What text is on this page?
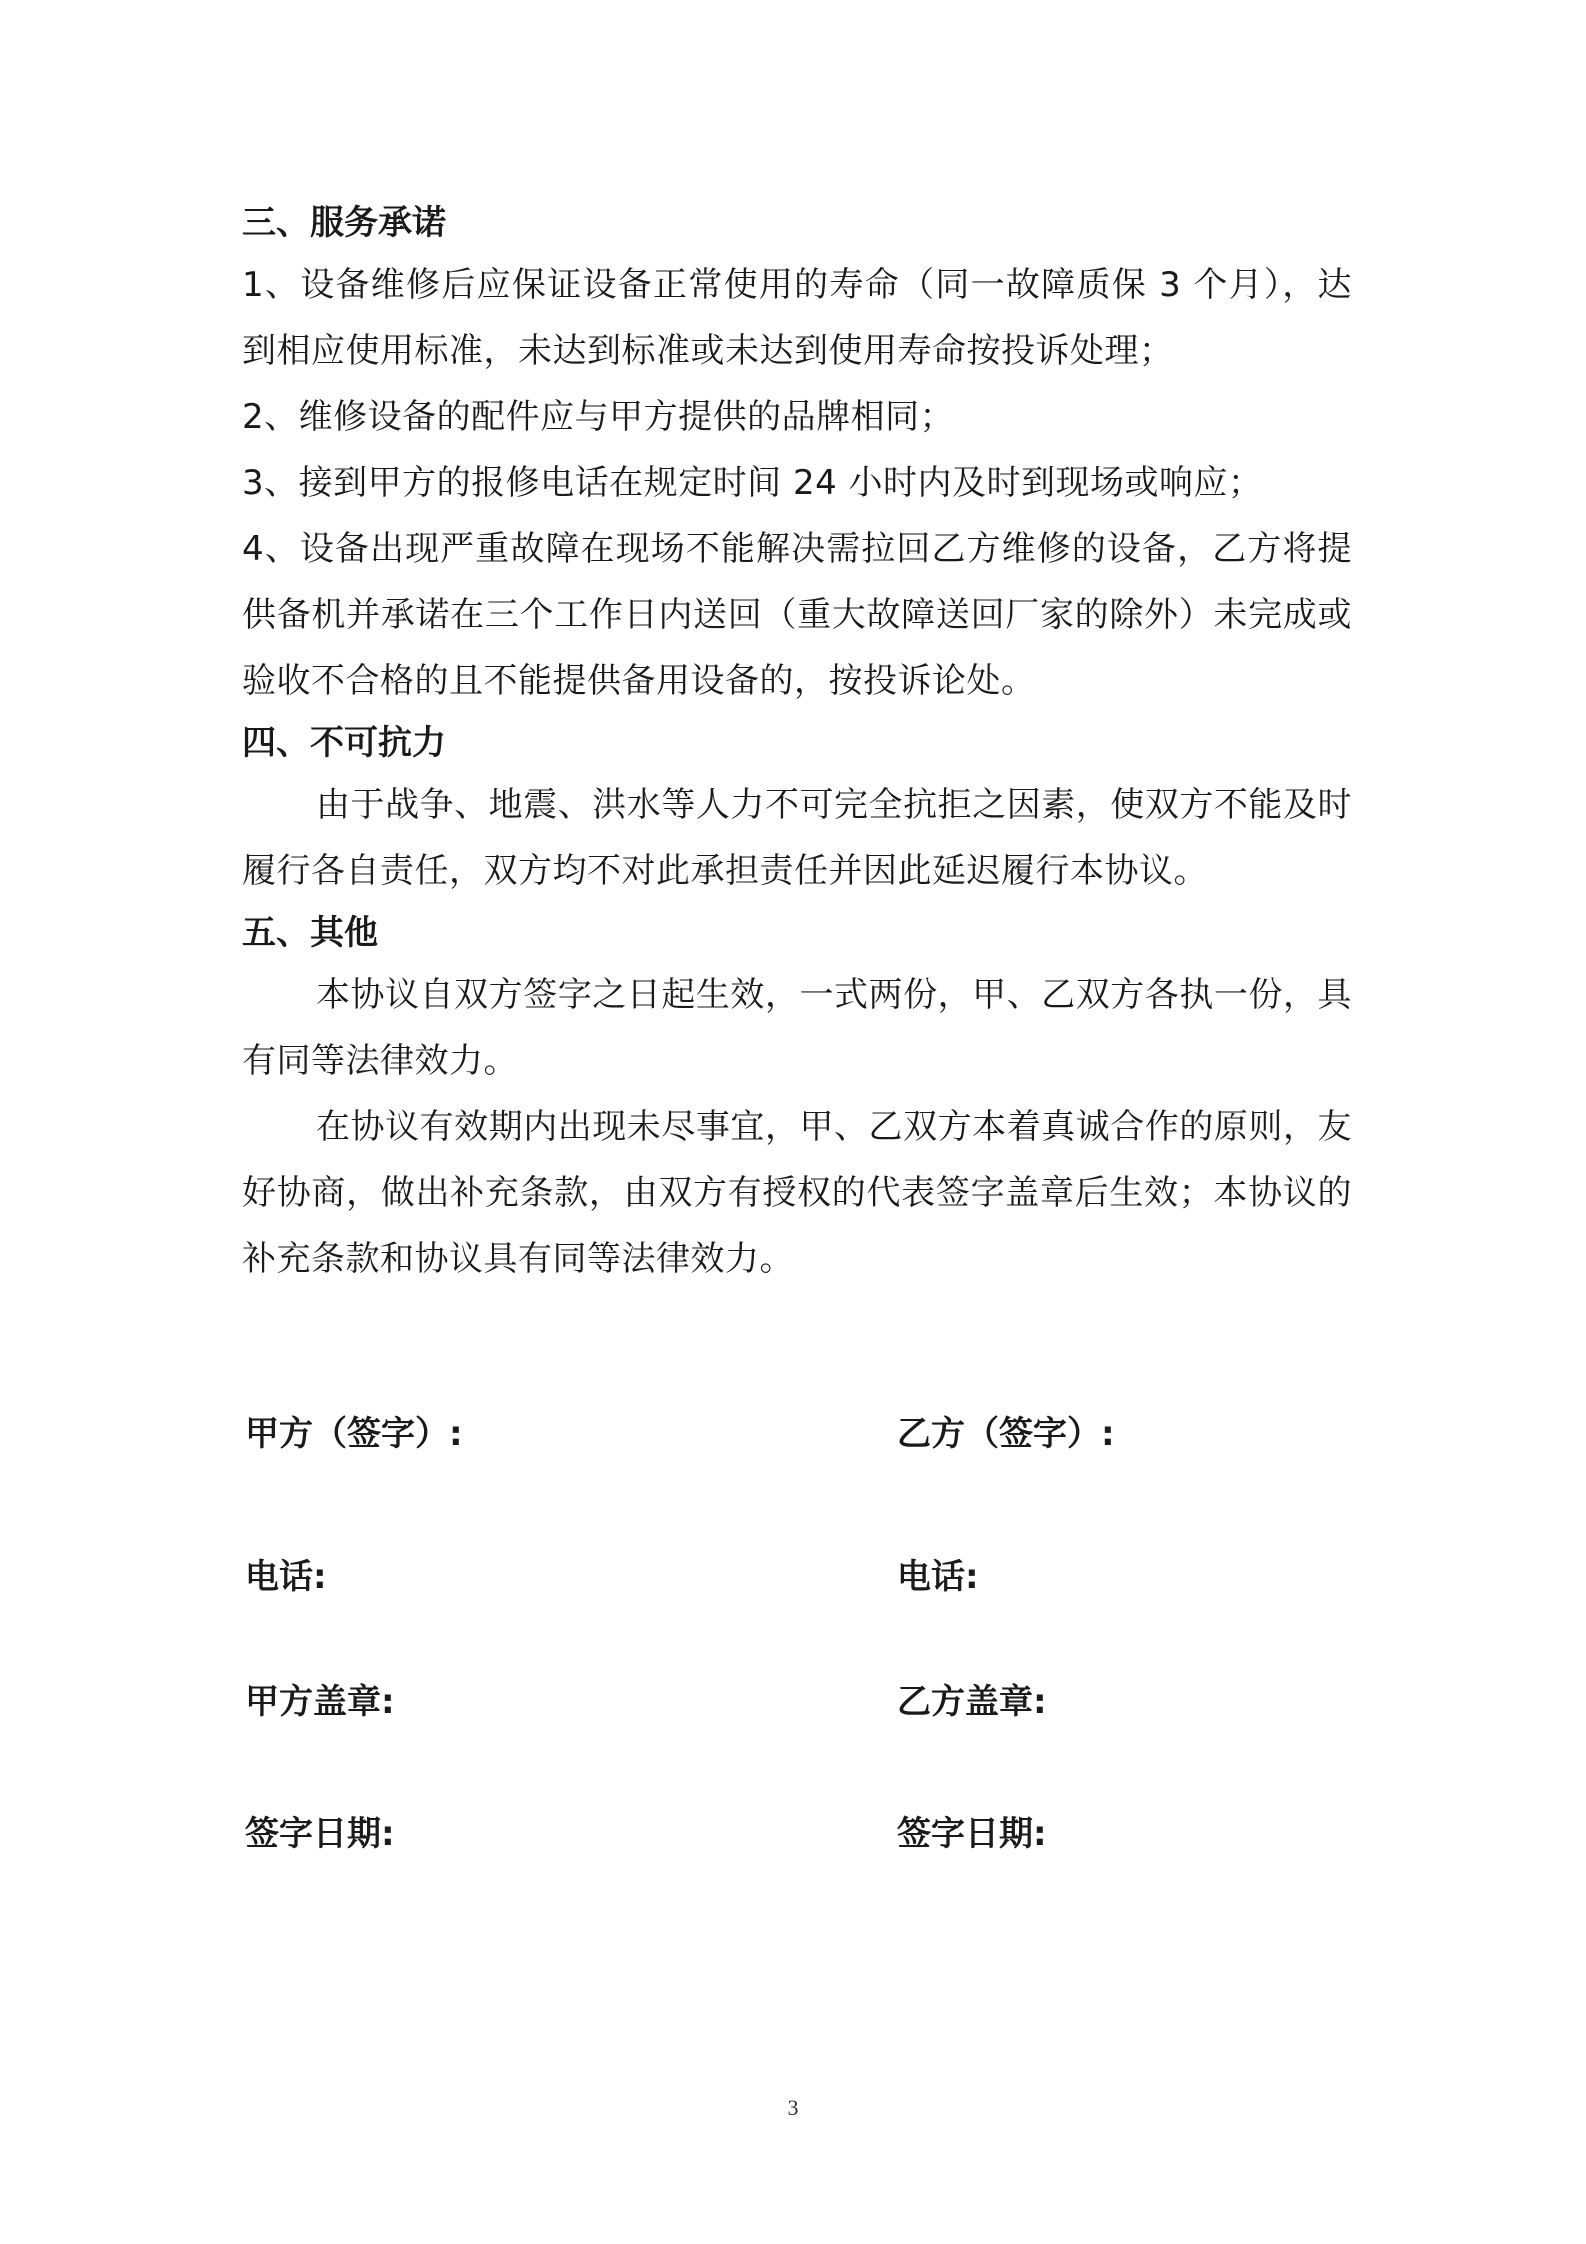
三、服务承诺

1、设备维修后应保证设备正常使用的寿命（同一故障质保 3 个月），达到相应使用标准，未达到标准或未达到使用寿命按投诉处理；

2、维修设备的配件应与甲方提供的品牌相同；

3、接到甲方的报修电话在规定时间 24 小时内及时到现场或响应；

4、设备出现严重故障在现场不能解决需拉回乙方维修的设备，乙方将提供备机并承诺在三个工作日内送回（重大故障送回厂家的除外）未完成或验收不合格的且不能提供备用设备的，按投诉论处。

四、不可抗力

由于战争、地震、洪水等人力不可完全抗拒之因素，使双方不能及时履行各自责任，双方均不对此承担责任并因此延迟履行本协议。

五、其他

本协议自双方签字之日起生效，一式两份，甲、乙双方各执一份，具有同等法律效力。

在协议有效期内出现未尽事宜，甲、乙双方本着真诚合作的原则，友好协商，做出补充条款，由双方有授权的代表签字盖章后生效；本协议的补充条款和协议具有同等法律效力。

甲方（签字）:	乙方（签字）:
电话:	电话:
甲方盖章:	乙方盖章:
签字日期:	签字日期:
3
